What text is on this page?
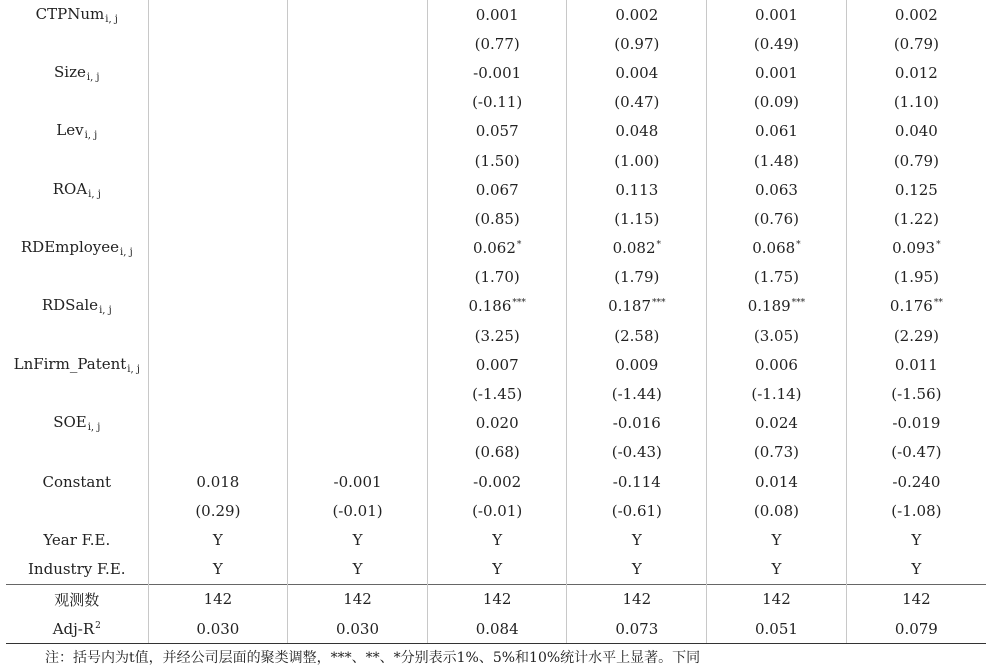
CTPNum$_{i, j}$			0.001	0.002	0.001	0.002
			(0.77)	(0.97)	(0.49)	(0.79)
Size$_{i, j}$			-0.001	0.004	0.001	0.012
			(-0.11)	(0.47)	(0.09)	(1.10)
Lev$_{i, j}$			0.057	0.048	0.061	0.040
			(1.50)	(1.00)	(1.48)	(0.79)
$ROA_{i, j}$			0.067	0.113	0.063	0.125
			(0.85)	(1.15)	(0.76)	(1.22)
RDEmployee$_{i, j}$			0.062*	0.082*	0.068*	0.093*
			(1.70)	(1.79)	(1.75)	(1.95)
RDSale$_{i, j}$			0.186***	0.187***	0.189***	0.176**
			(3.25)	(2.58)	(3.05)	(2.29)
LnFirm_Patent$_{i, j}$			0.007	0.009	0.006	0.011
			(-1.45)	(-1.44)	(-1.14)	(-1.56)
$SOE_{i, j}$			0.020	-0.016	0.024	-0.019
			(0.68)	(-0.43)	(0.73)	(-0.47)
Constant	0.018	-0.001	-0.002	-0.114	0.014	-0.240
	(0.29)	(-0.01)	(-0.01)	(-0.61)	(0.08)	(-1.08)
Year F.E.	Y	Y	Y	Y	Y	Y
Industry F.E.	Y	Y	Y	Y	Y	Y
观测数	142	142	142	142	142	142
Adj-$R^2$	0.030	0.030	0.084	0.073	0.051	0.079
注：括号内为t值，并经公司层面的聚类调整，***、**、*分别表示1%、5%和10%统计水平上显著。下同
